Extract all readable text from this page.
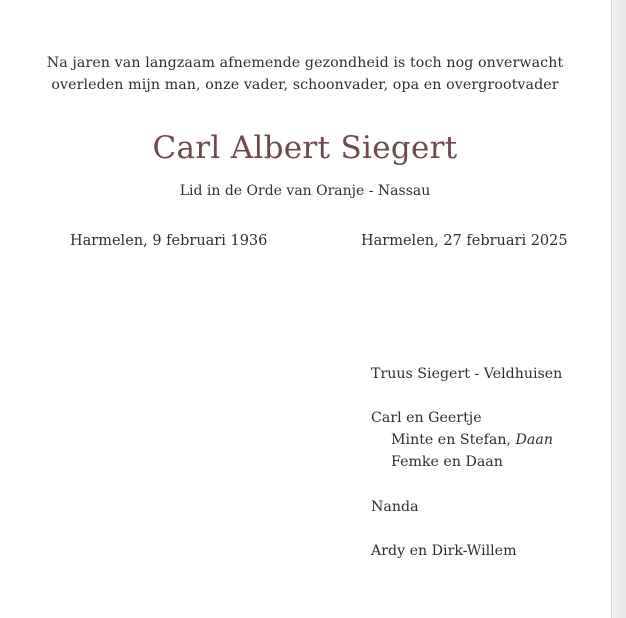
Na jaren van langzaam afnemende gezondheid is toch nog onverwacht
overleden mijn man, onze vader, schoonvader, opa en overgrootvader
Carl Albert Siegert
Lid in de Orde van Oranje - Nassau
Harmelen, 9 februari 1936	Harmelen, 27 februari 2025
Truus Siegert - Veldhuisen
Carl en Geertje
Minte en Stefan, Daan
Femke en Daan
Nanda
Ardy en Dirk-Willem
